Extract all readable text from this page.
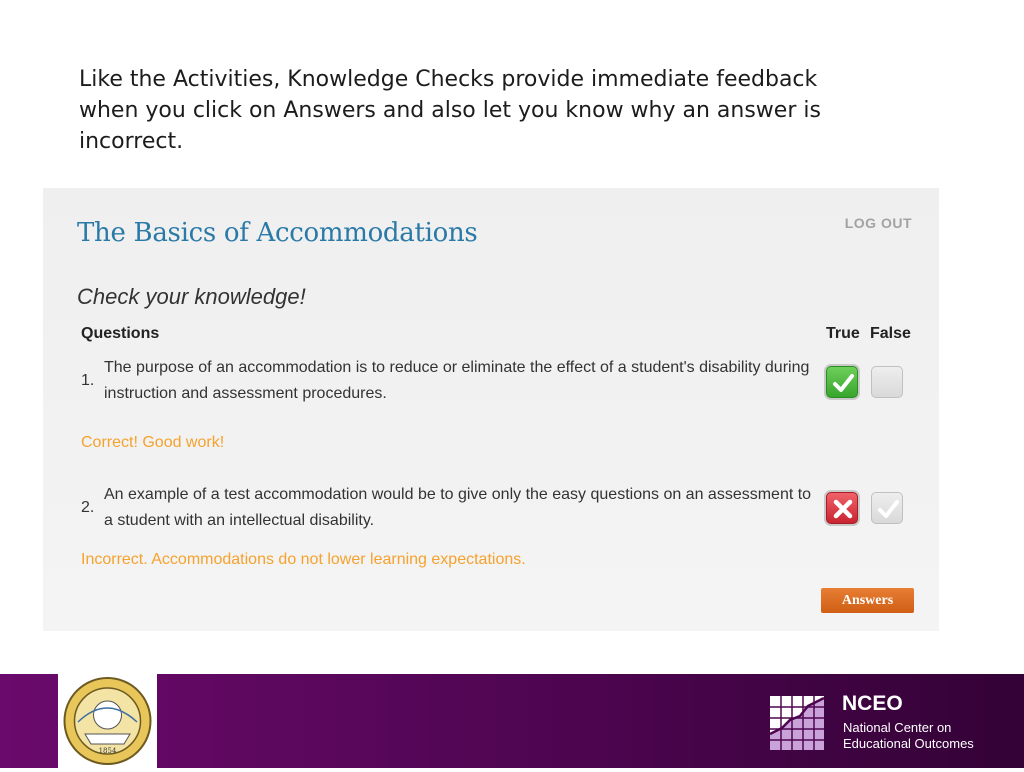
Like the Activities, Knowledge Checks provide immediate feedback when you click on Answers and also let you know why an answer is incorrect.

The Basics of Accommodations	LOG OUT
Check your knowledge!
Questions	True False
1.
The purpose of an accommodation is to reduce or eliminate the effect of a student's disability during instruction and assessment procedures.
Correct! Good work!
2.
An example of a test accommodation would be to give only the easy questions on an assessment to a student with an intellectual disability.
Incorrect. Accommodations do not lower learning expectations.
Answers
1854
NCEO
National Center on
Educational Outcomes
